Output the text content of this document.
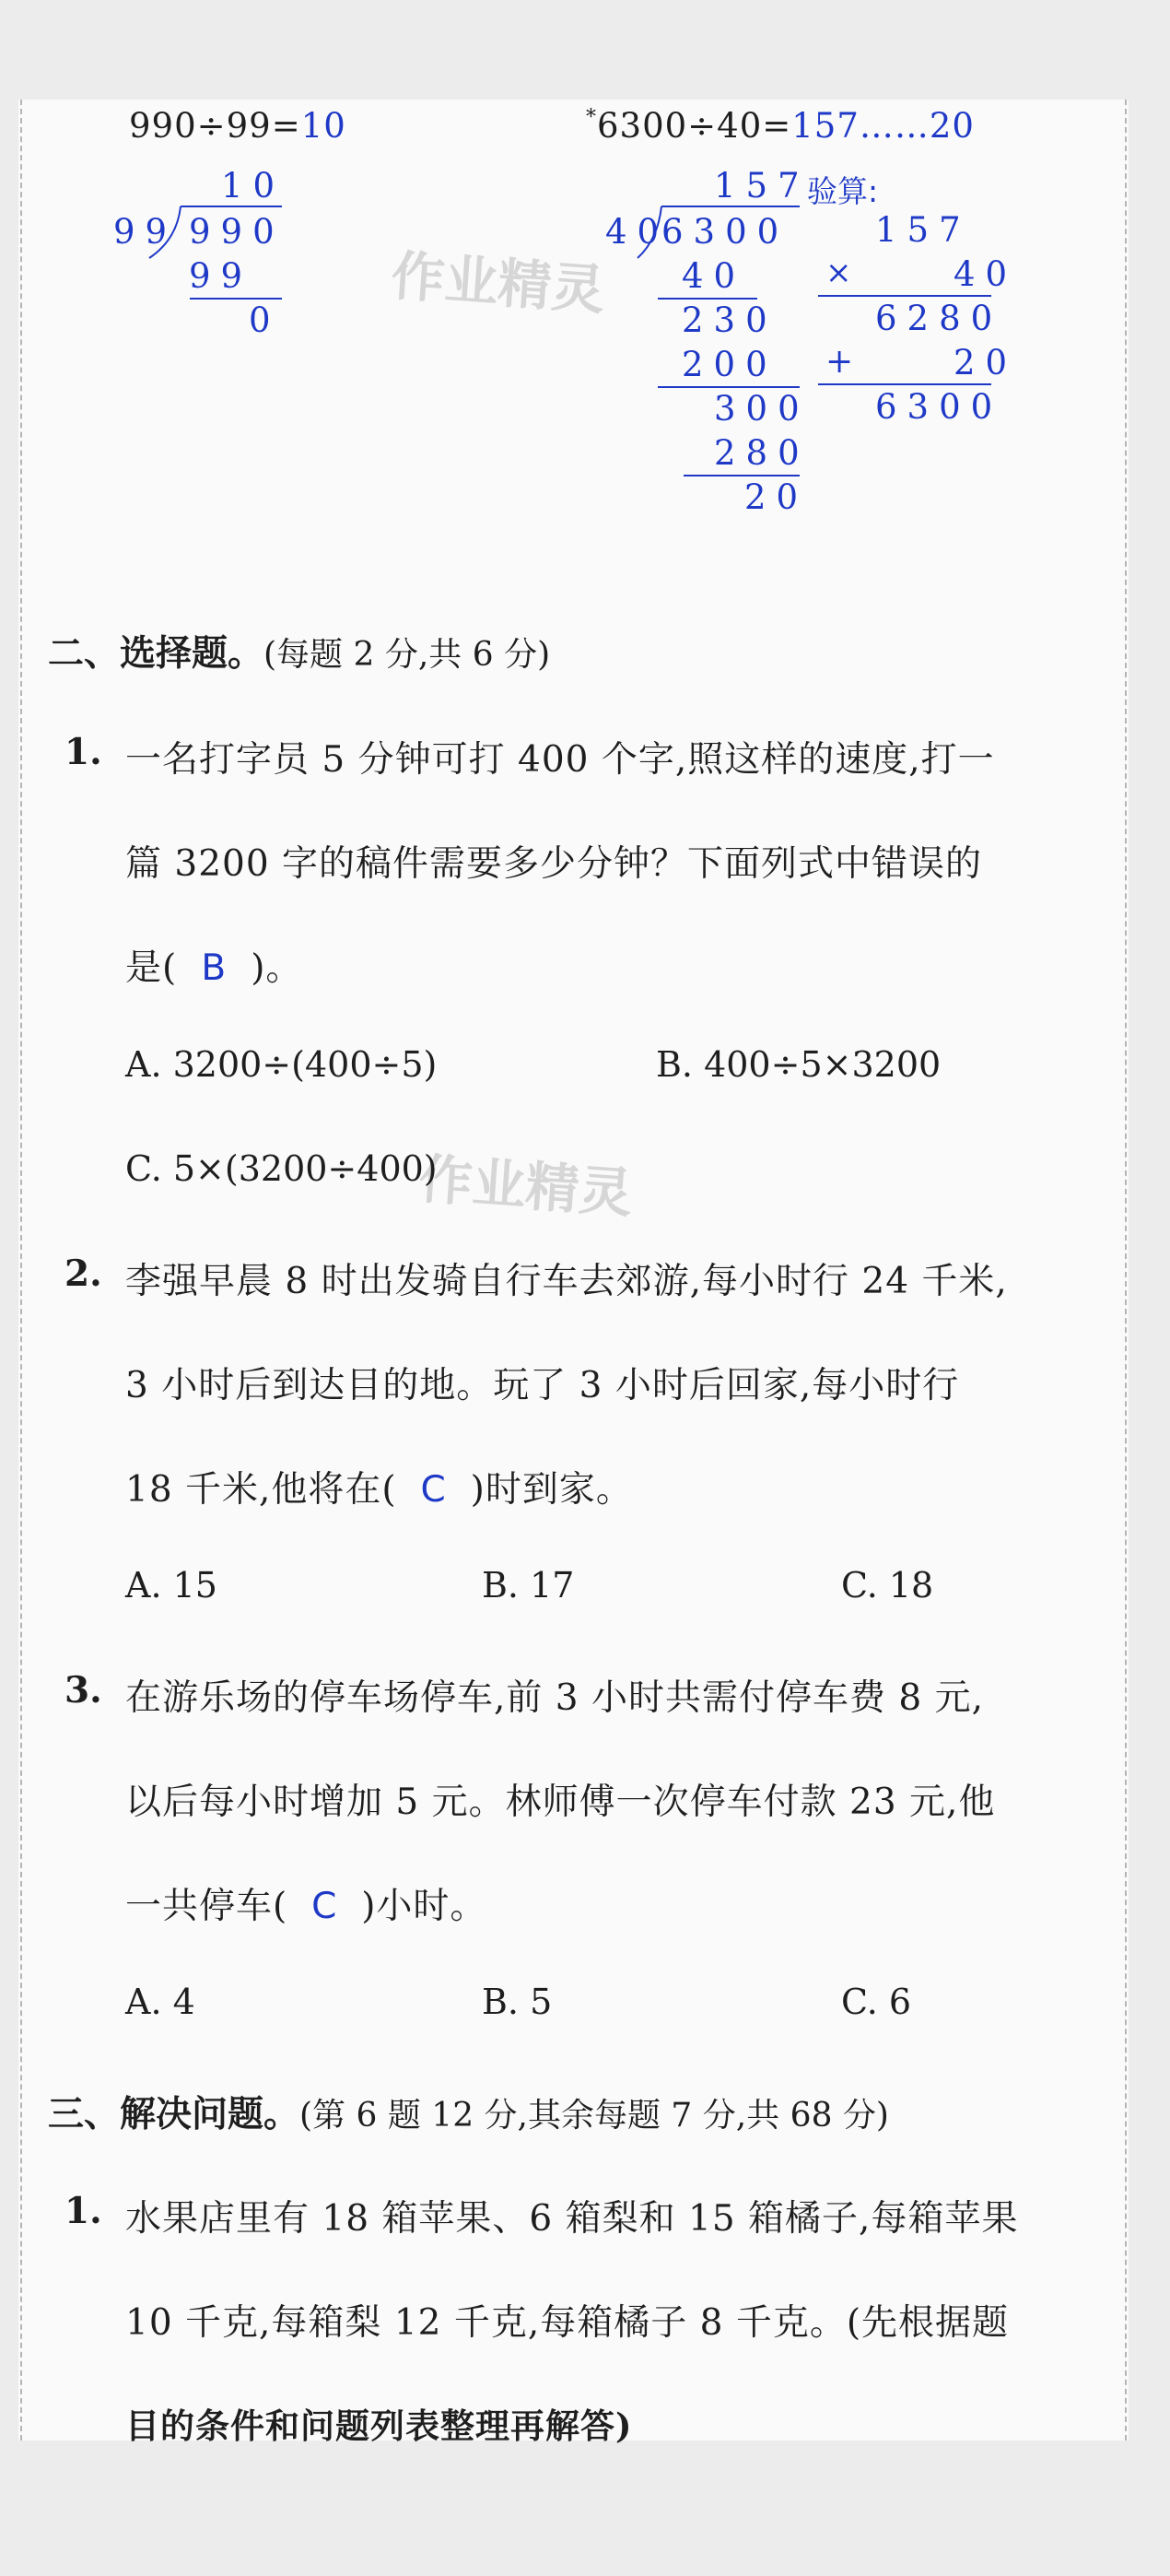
990÷99=10
10
99 990
99
0
*6300÷40=157……20
157
验算:
40
6300
40
230
200
300
280
20
157
×	40
6280
+	20
6300
作业精灵
作业精灵
二、选择题。(每题 2 分,共 6 分)
1. 一名打字员 5 分钟可打 400 个字,照这样的速度,打一
篇 3200 字的稿件需要多少分钟？下面列式中错误的
是( B )。
A. 3200÷(400÷5)	B. 400÷5×3200
C. 5×(3200÷400)
2. 李强早晨 8 时出发骑自行车去郊游,每小时行 24 千米,
3 小时后到达目的地。玩了 3 小时后回家,每小时行
18 千米,他将在( C )时到家。
A. 15	B. 17	C. 18
3. 在游乐场的停车场停车,前 3 小时共需付停车费 8 元,
以后每小时增加 5 元。林师傅一次停车付款 23 元,他
一共停车( C )小时。
A. 4	B. 5	C. 6
三、解决问题。(第 6 题 12 分,其余每题 7 分,共 68 分)
1. 水果店里有 18 箱苹果、6 箱梨和 15 箱橘子,每箱苹果
10 千克,每箱梨 12 千克,每箱橘子 8 千克。(先根据题
目的条件和问题列表整理再解答)
